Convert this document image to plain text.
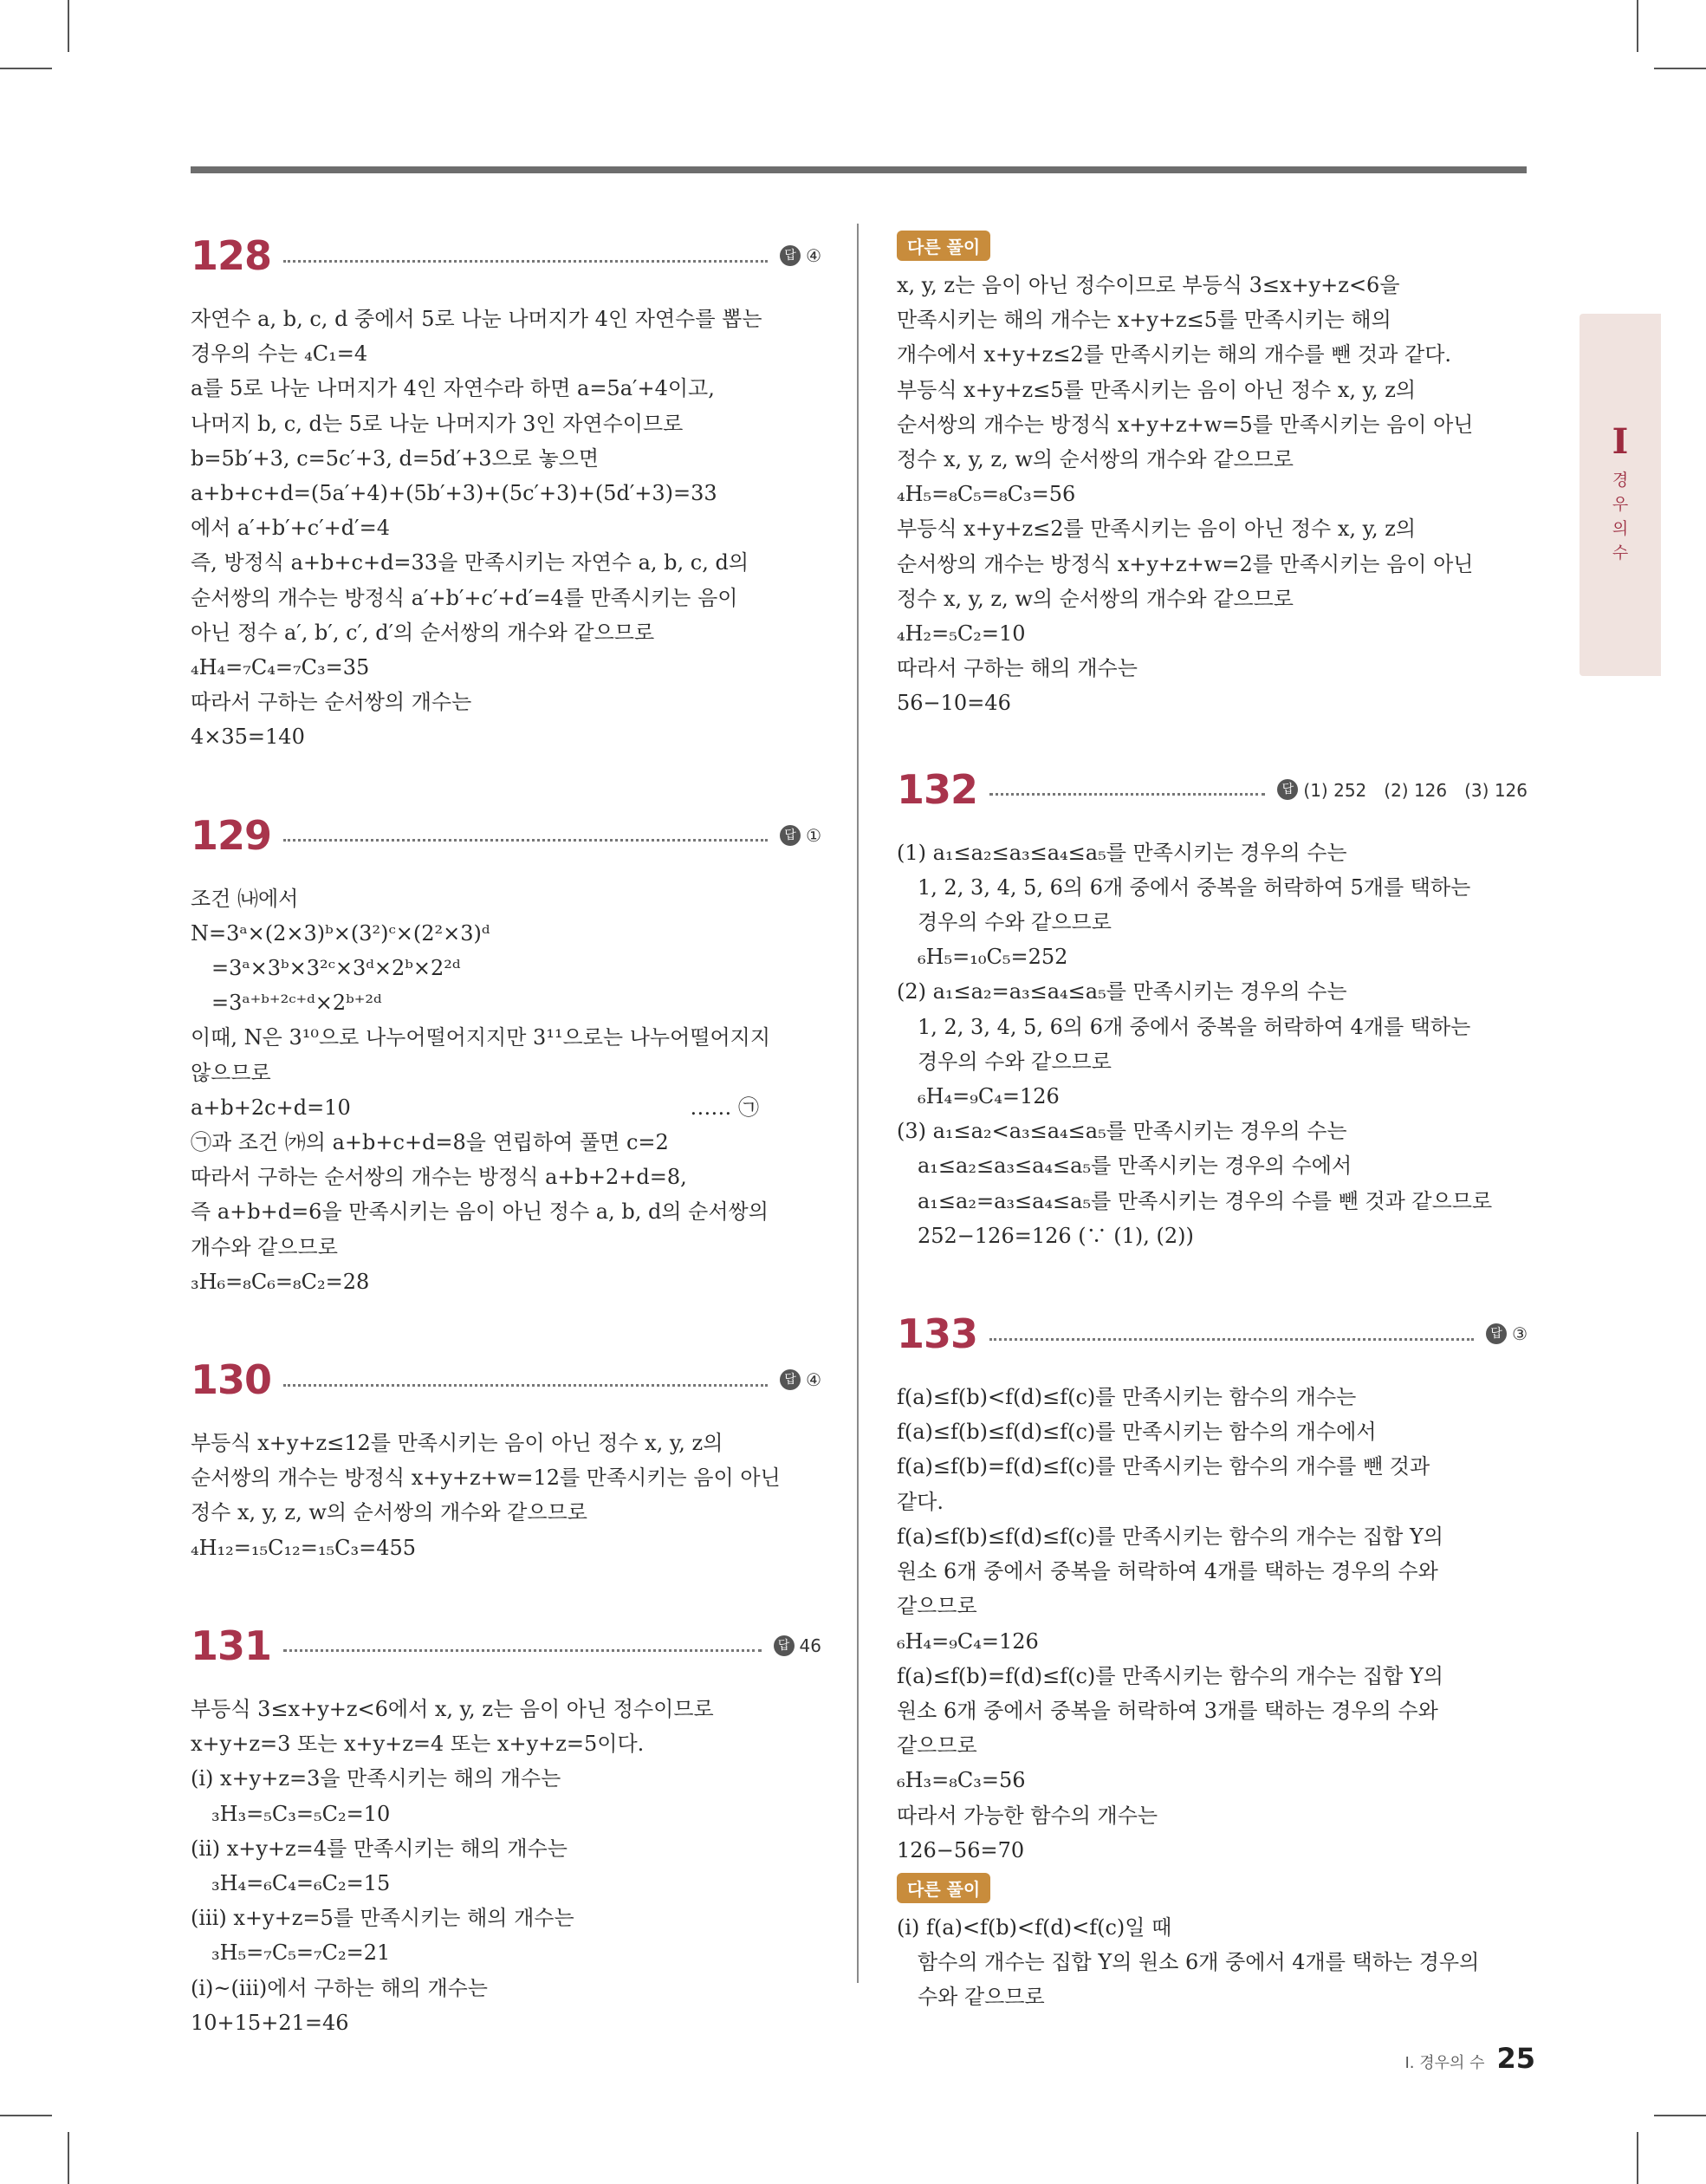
128	답 ④
자연수 a, b, c, d 중에서 5로 나눈 나머지가 4인 자연수를 뽑는
경우의 수는 ₄C₁=4
a를 5로 나눈 나머지가 4인 자연수라 하면 a=5a′+4이고,
나머지 b, c, d는 5로 나눈 나머지가 3인 자연수이므로
b=5b′+3, c=5c′+3, d=5d′+3으로 놓으면
a+b+c+d=(5a′+4)+(5b′+3)+(5c′+3)+(5d′+3)=33
에서 a′+b′+c′+d′=4
즉, 방정식 a+b+c+d=33을 만족시키는 자연수 a, b, c, d의
순서쌍의 개수는 방정식 a′+b′+c′+d′=4를 만족시키는 음이
아닌 정수 a′, b′, c′, d′의 순서쌍의 개수와 같으므로
₄H₄=₇C₄=₇C₃=35
따라서 구하는 순서쌍의 개수는
4×35=140
129	답 ①
조건 ㈏에서
N=3ᵃ×(2×3)ᵇ×(3²)ᶜ×(2²×3)ᵈ
　=3ᵃ×3ᵇ×3²ᶜ×3ᵈ×2ᵇ×2²ᵈ
　=3ᵃ⁺ᵇ⁺²ᶜ⁺ᵈ×2ᵇ⁺²ᵈ
이때, N은 3¹⁰으로 나누어떨어지지만 3¹¹으로는 나누어떨어지지
않으므로
a+b+2c+d=10　　　　　　　　　　　　　　　　 …… ㉠
㉠과 조건 ㈎의 a+b+c+d=8을 연립하여 풀면 c=2
따라서 구하는 순서쌍의 개수는 방정식 a+b+2+d=8,
즉 a+b+d=6을 만족시키는 음이 아닌 정수 a, b, d의 순서쌍의
개수와 같으므로
₃H₆=₈C₆=₈C₂=28
130	답 ④
부등식 x+y+z≤12를 만족시키는 음이 아닌 정수 x, y, z의
순서쌍의 개수는 방정식 x+y+z+w=12를 만족시키는 음이 아닌
정수 x, y, z, w의 순서쌍의 개수와 같으므로
₄H₁₂=₁₅C₁₂=₁₅C₃=455
131	답 46
부등식 3≤x+y+z<6에서 x, y, z는 음이 아닌 정수이므로
x+y+z=3 또는 x+y+z=4 또는 x+y+z=5이다.
(ⅰ) x+y+z=3을 만족시키는 해의 개수는
　₃H₃=₅C₃=₅C₂=10
(ⅱ) x+y+z=4를 만족시키는 해의 개수는
　₃H₄=₆C₄=₆C₂=15
(ⅲ) x+y+z=5를 만족시키는 해의 개수는
　₃H₅=₇C₅=₇C₂=21
(ⅰ)~(ⅲ)에서 구하는 해의 개수는
10+15+21=46
다른 풀이
x, y, z는 음이 아닌 정수이므로 부등식 3≤x+y+z<6을
만족시키는 해의 개수는 x+y+z≤5를 만족시키는 해의
개수에서 x+y+z≤2를 만족시키는 해의 개수를 뺀 것과 같다.
부등식 x+y+z≤5를 만족시키는 음이 아닌 정수 x, y, z의
순서쌍의 개수는 방정식 x+y+z+w=5를 만족시키는 음이 아닌
정수 x, y, z, w의 순서쌍의 개수와 같으므로
₄H₅=₈C₅=₈C₃=56
부등식 x+y+z≤2를 만족시키는 음이 아닌 정수 x, y, z의
순서쌍의 개수는 방정식 x+y+z+w=2를 만족시키는 음이 아닌
정수 x, y, z, w의 순서쌍의 개수와 같으므로
₄H₂=₅C₂=10
따라서 구하는 해의 개수는
56−10=46
132	답 (1) 252　(2) 126　(3) 126
(1) a₁≤a₂≤a₃≤a₄≤a₅를 만족시키는 경우의 수는
　1, 2, 3, 4, 5, 6의 6개 중에서 중복을 허락하여 5개를 택하는
　경우의 수와 같으므로
　₆H₅=₁₀C₅=252
(2) a₁≤a₂=a₃≤a₄≤a₅를 만족시키는 경우의 수는
　1, 2, 3, 4, 5, 6의 6개 중에서 중복을 허락하여 4개를 택하는
　경우의 수와 같으므로
　₆H₄=₉C₄=126
(3) a₁≤a₂<a₃≤a₄≤a₅를 만족시키는 경우의 수는
　a₁≤a₂≤a₃≤a₄≤a₅를 만족시키는 경우의 수에서
　a₁≤a₂=a₃≤a₄≤a₅를 만족시키는 경우의 수를 뺀 것과 같으므로
　252−126=126 (∵ (1), (2))
133	답 ③
f(a)≤f(b)<f(d)≤f(c)를 만족시키는 함수의 개수는
f(a)≤f(b)≤f(d)≤f(c)를 만족시키는 함수의 개수에서
f(a)≤f(b)=f(d)≤f(c)를 만족시키는 함수의 개수를 뺀 것과
같다.
f(a)≤f(b)≤f(d)≤f(c)를 만족시키는 함수의 개수는 집합 Y의
원소 6개 중에서 중복을 허락하여 4개를 택하는 경우의 수와
같으므로
₆H₄=₉C₄=126
f(a)≤f(b)=f(d)≤f(c)를 만족시키는 함수의 개수는 집합 Y의
원소 6개 중에서 중복을 허락하여 3개를 택하는 경우의 수와
같으므로
₆H₃=₈C₃=56
따라서 가능한 함수의 개수는
126−56=70
다른 풀이
(ⅰ) f(a)<f(b)<f(d)<f(c)일 때
　함수의 개수는 집합 Y의 원소 6개 중에서 4개를 택하는 경우의
　수와 같으므로
I
경
우
의
수
I. 경우의 수 25
